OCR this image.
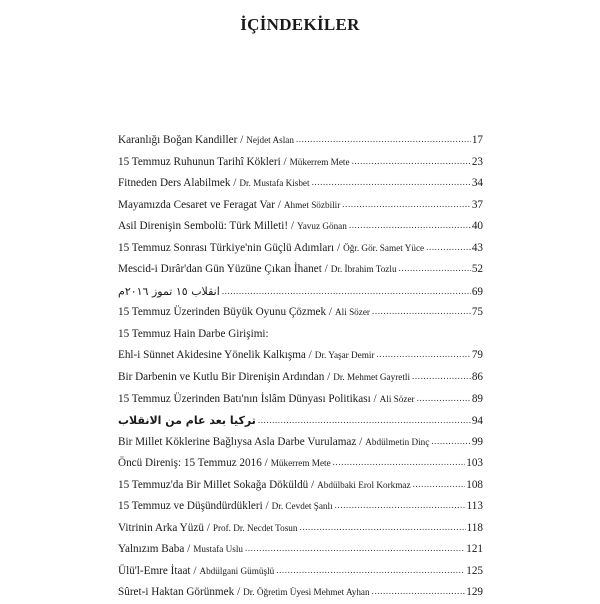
İÇİNDEKİLER
Karanlığı Boğan Kandiller / Nejdet Aslan .....	17
15 Temmuz Ruhunun Tarihî Kökleri / Mükerrem Mete .....	23
Fitneden Ders Alabilmek / Dr. Mustafa Kisbet .....	34
Mayamızda Cesaret ve Feragat Var / Ahmet Sözbilir .....	37
Asil Direnişin Sembolü: Türk Milleti! / Yavuz Gönan .....	40
15 Temmuz Sonrası Türkiye'nin Güçlü Adımları / Öğr. Gör. Samet Yüce .....	43
Mescid-i Dırâr'dan Gün Yüzüne Çıkan İhanet / Dr. İbrahim Tozlu .....	52
انقلاب ١٥ تموز ٢٠١٦م .....	69
15 Temmuz Üzerinden Büyük Oyunu Çözmek / Ali Sözer .....	75
15 Temmuz Hain Darbe Girişimi:
Ehl-i Sünnet Akidesine Yönelik Kalkışma / Dr. Yaşar Demir .....	79
Bir Darbenin ve Kutlu Bir Direnişin Ardından / Dr. Mehmet Gayretli .....	86
15 Temmuz Üzerinden Batı'nın İslâm Dünyası Politikası / Ali Sözer .....	89
تركيا بعد عام من الانقلاب .....	94
Bir Millet Köklerine Bağlıysa Asla Darbe Vurulamaz / Abdülmetin Dinç .....	99
Öncü Direniş: 15 Temmuz 2016 / Mükerrem Mete .....	103
15 Temmuz'da Bir Millet Sokağa Döküldü / Abdülbaki Erol Korkmaz .....	108
15 Temmuz ve Düşündürdükleri / Dr. Cevdet Şanlı .....	113
Vitrinin Arka Yüzü / Prof. Dr. Necdet Tosun .....	118
Yalnızım Baba / Mustafa Uslu .....	121
Ülü'l-Emre İtaat / Abdülgani Gümüşlü .....	125
Sûret-i Haktan Görünmek / Dr. Öğretim Üyesi Mehmet Ayhan .....	129
